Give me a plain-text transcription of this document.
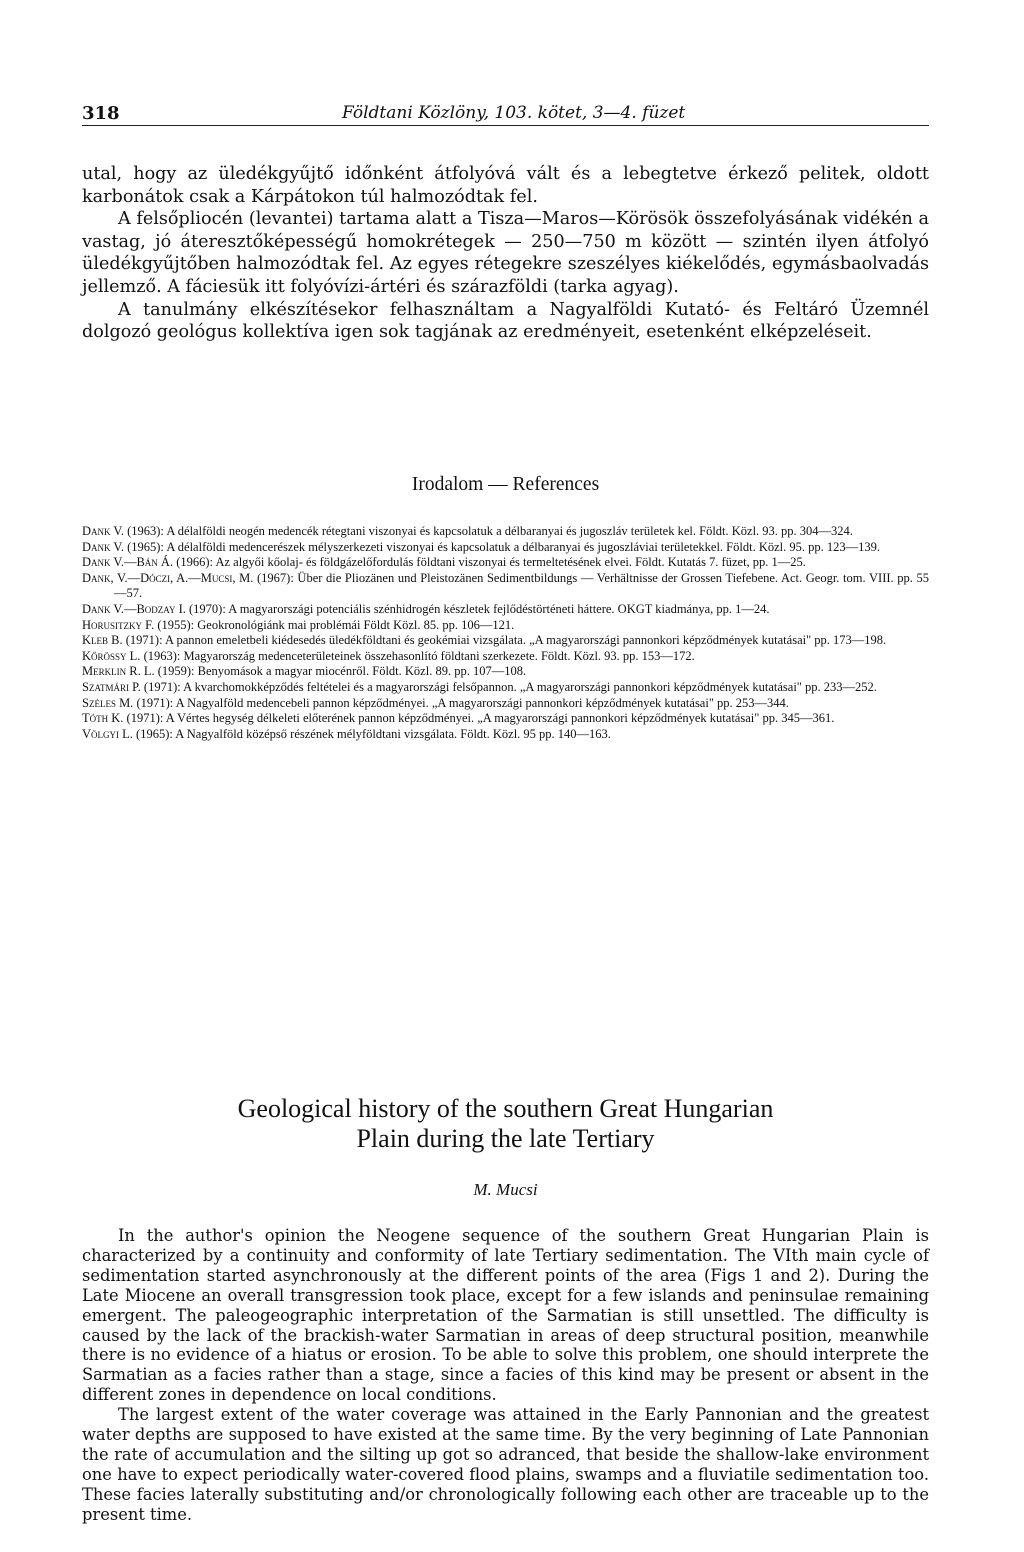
318	Földtani Közlöny, 103. kötet, 3—4. füzet

utal, hogy az üledékgyűjtő időnként átfolyóvá vált és a lebegtetve érkező pelitek, oldott karbonátok csak a Kárpátokon túl halmozódtak fel.

A felsőpliocén (levantei) tartama alatt a Tisza—Maros—Körösök összefolyásának vidékén a vastag, jó áteresztőképességű homokrétegek — 250—750 m között — szintén ilyen átfolyó üledékgyűjtőben halmozódtak fel. Az egyes rétegekre szeszélyes kiékelődés, egymásbaolvadás jellemző. A fáciesük itt folyóvízi-ártéri és szárazföldi (tarka agyag).

A tanulmány elkészítésekor felhasználtam a Nagyalföldi Kutató- és Feltáró Üzemnél dolgozó geológus kollektíva igen sok tagjának az eredményeit, esetenként elképzeléseit.

Irodalom — References

Dank V. (1963): A délalföldi neogén medencék rétegtani viszonyai és kapcsolatuk a délbaranyai és jugoszláv területek kel. Földt. Közl. 93. pp. 304—324.

Dank V. (1965): A délalföldi medencerészek mélyszerkezeti viszonyai és kapcsolatuk a délbaranyai és jugoszláviai területekkel. Földt. Közl. 95. pp. 123—139.

Dank V.—Bán Á. (1966): Az algyői kőolaj- és földgázelőfordulás földtani viszonyai és termeltetésének elvei. Földt. Kutatás 7. füzet, pp. 1—25.

Dank, V.—Dóczi, A.—Mucsi, M. (1967): Über die Pliozänen und Pleistozänen Sedimentbildungs — Verhältnisse der Grossen Tiefebene. Act. Geogr. tom. VIII. pp. 55—57.

Dank V.—Bodzay I. (1970): A magyarországi potenciális szénhidrogén készletek fejlődéstörténeti háttere. OKGT kiadmánya, pp. 1—24.

Horusitzky F. (1955): Geokronológiánk mai problémái Földt Közl. 85. pp. 106—121.

Kleb B. (1971): A pannon emeletbeli kiédesedés üledékföldtani és geokémiai vizsgálata. „A magyarországi pannonkori képződmények kutatásai" pp. 173—198.

Kőrössy L. (1963): Magyarország medenceterületeinek összehasonlító földtani szerkezete. Földt. Közl. 93. pp. 153—172.

Merklin R. L. (1959): Benyomások a magyar miocénről. Földt. Közl. 89. pp. 107—108.

Szatmári P. (1971): A kvarchomokképződés feltételei és a magyarországi felsőpannon. „A magyarországi pannonkori képződmények kutatásai" pp. 233—252.

Széles M. (1971): A Nagyalföld medencebeli pannon képződményei. „A magyarországi pannonkori képződmények kutatásai" pp. 253—344.

Tóth K. (1971): A Vértes hegység délkeleti előterének pannon képződményei. „A magyarországi pannonkori képződmények kutatásai" pp. 345—361.

Völgyi L. (1965): A Nagyalföld középső részének mélyföldtani vizsgálata. Földt. Közl. 95 pp. 140—163.

Geological history of the southern Great Hungarian
Plain during the late Tertiary
M. Mucsi

In the author's opinion the Neogene sequence of the southern Great Hungarian Plain is characterized by a continuity and conformity of late Tertiary sedimentation. The VIth main cycle of sedimentation started asynchronously at the different points of the area (Figs 1 and 2). During the Late Miocene an overall transgression took place, except for a few islands and peninsulae remaining emergent. The paleogeographic interpretation of the Sarmatian is still unsettled. The difficulty is caused by the lack of the brackish-water Sarmatian in areas of deep structural position, meanwhile there is no evidence of a hiatus or erosion. To be able to solve this problem, one should interprete the Sarmatian as a facies rather than a stage, since a facies of this kind may be present or absent in the different zones in dependence on local conditions.

The largest extent of the water coverage was attained in the Early Pannonian and the greatest water depths are supposed to have existed at the same time. By the very beginning of Late Pannonian the rate of accumulation and the silting up got so adranced, that beside the shallow-lake environment one have to expect periodically water-covered flood plains, swamps and a fluviatile sedimentation too. These facies laterally substituting and/or chronologically following each other are traceable up to the present time.
